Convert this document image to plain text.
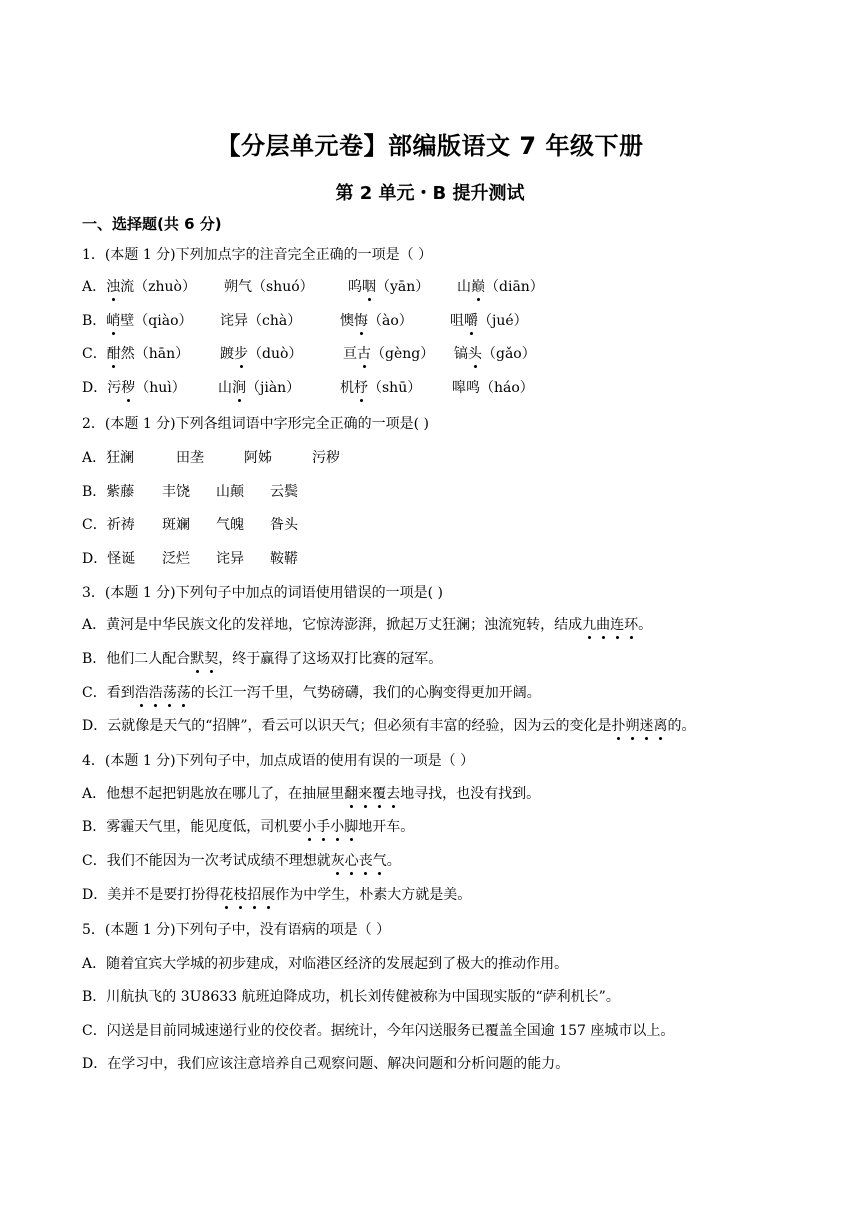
【分层单元卷】部编版语文 7 年级下册
第 2 单元・B 提升测试
一、选择题(共 6 分)
1．(本题 1 分)下列加点字的注音完全正确的一项是（ ）
A．浊流（zhuò） 朔气（shuó） 呜咽（yān） 山巅（diān）
B．峭壁（qiào） 诧异（chà）	懊悔（ào）	咀嚼（jué）
C．酣然（hān） 踱步（duò）	亘古（gèng） 镐头（gǎo）
D．污秽（huì） 山涧（jiàn）	机杼（shū） 嗥鸣（háo）
2．(本题 1 分)下列各组词语中字形完全正确的一项是( )
A．狂澜	田垄	阿姊	污秽
B．紫藤 丰饶 山颠 云鬓
C．祈祷 斑斓 气魄 昝头
D．怪诞 泛烂 诧异 鞍鞯
3．(本题 1 分)下列句子中加点的词语使用错误的一项是( )
A．黄河是中华民族文化的发祥地，它惊涛澎湃，掀起万丈狂澜；浊流宛转，结成九曲连环。
B．他们二人配合默契，终于赢得了这场双打比赛的冠军。
C．看到浩浩荡荡的长江一泻千里，气势磅礴，我们的心胸变得更加开阔。
D．云就像是天气的“招牌”，看云可以识天气；但必须有丰富的经验，因为云的变化是扑朔迷离的。
4．(本题 1 分)下列句子中，加点成语的使用有误的一项是（ ）
A．他想不起把钥匙放在哪儿了，在抽屉里翻来覆去地寻找，也没有找到。
B．雾霾天气里，能见度低，司机要小手小脚地开车。
C．我们不能因为一次考试成绩不理想就灰心丧气。
D．美并不是要打扮得花枝招展作为中学生，朴素大方就是美。
5．(本题 1 分)下列句子中，没有语病的项是（ ）
A．随着宜宾大学城的初步建成，对临港区经济的发展起到了极大的推动作用。
B．川航执飞的 3U8633 航班迫降成功，机长刘传健被称为中国现实版的“萨利机长”。
C．闪送是目前同城速递行业的佼佼者。据统计，今年闪送服务已覆盖全国逾 157 座城市以上。
D．在学习中，我们应该注意培养自己观察问题、解决问题和分析问题的能力。
